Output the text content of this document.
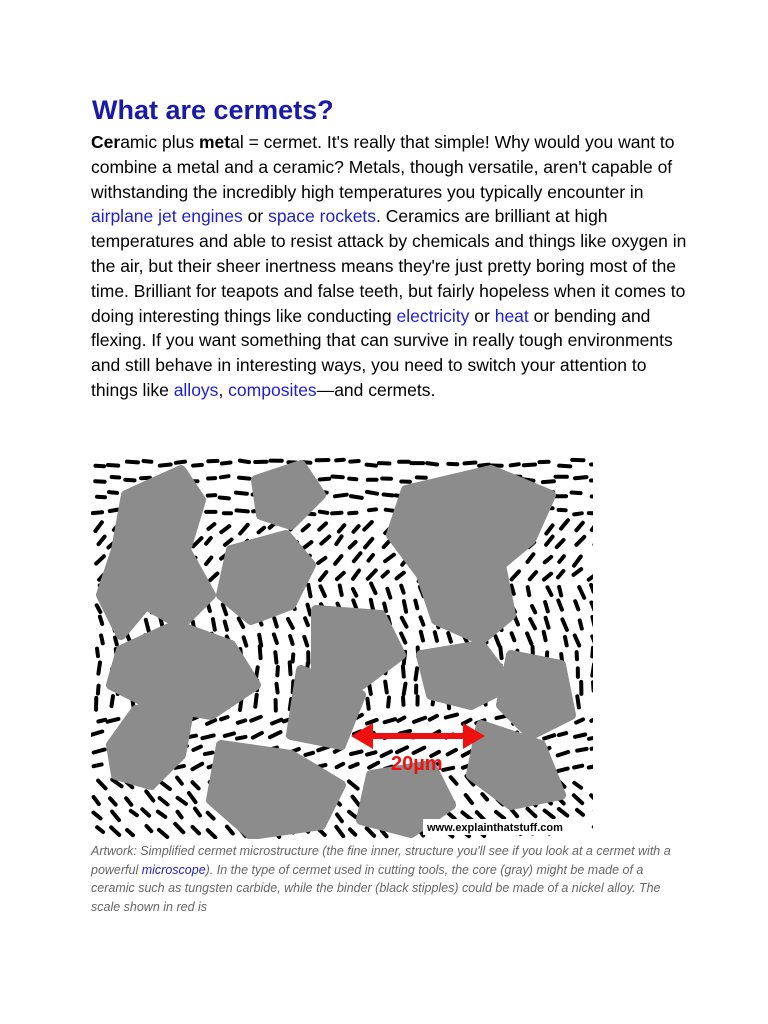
What are cermets?

Ceramic plus metal = cermet. It's really that simple! Why would you want to combine a metal and a ceramic? Metals, though versatile, aren't capable of withstanding the incredibly high temperatures you typically encounter in airplane jet engines or space rockets. Ceramics are brilliant at high temperatures and able to resist attack by chemicals and things like oxygen in the air, but their sheer inertness means they're just pretty boring most of the time. Brilliant for teapots and false teeth, but fairly hopeless when it comes to doing interesting things like conducting electricity or heat or bending and flexing. If you want something that can survive in really tough environments and still behave in interesting ways, you need to switch your attention to things like alloys, composites—and cermets.

20µm
www.explainthatstuff.com

Artwork: Simplified cermet microstructure (the fine inner, structure you'll see if you look at a cermet with a powerful microscope). In the type of cermet used in cutting tools, the core (gray) might be made of a ceramic such as tungsten carbide, while the binder (black stipples) could be made of a nickel alloy. The scale shown in red is
